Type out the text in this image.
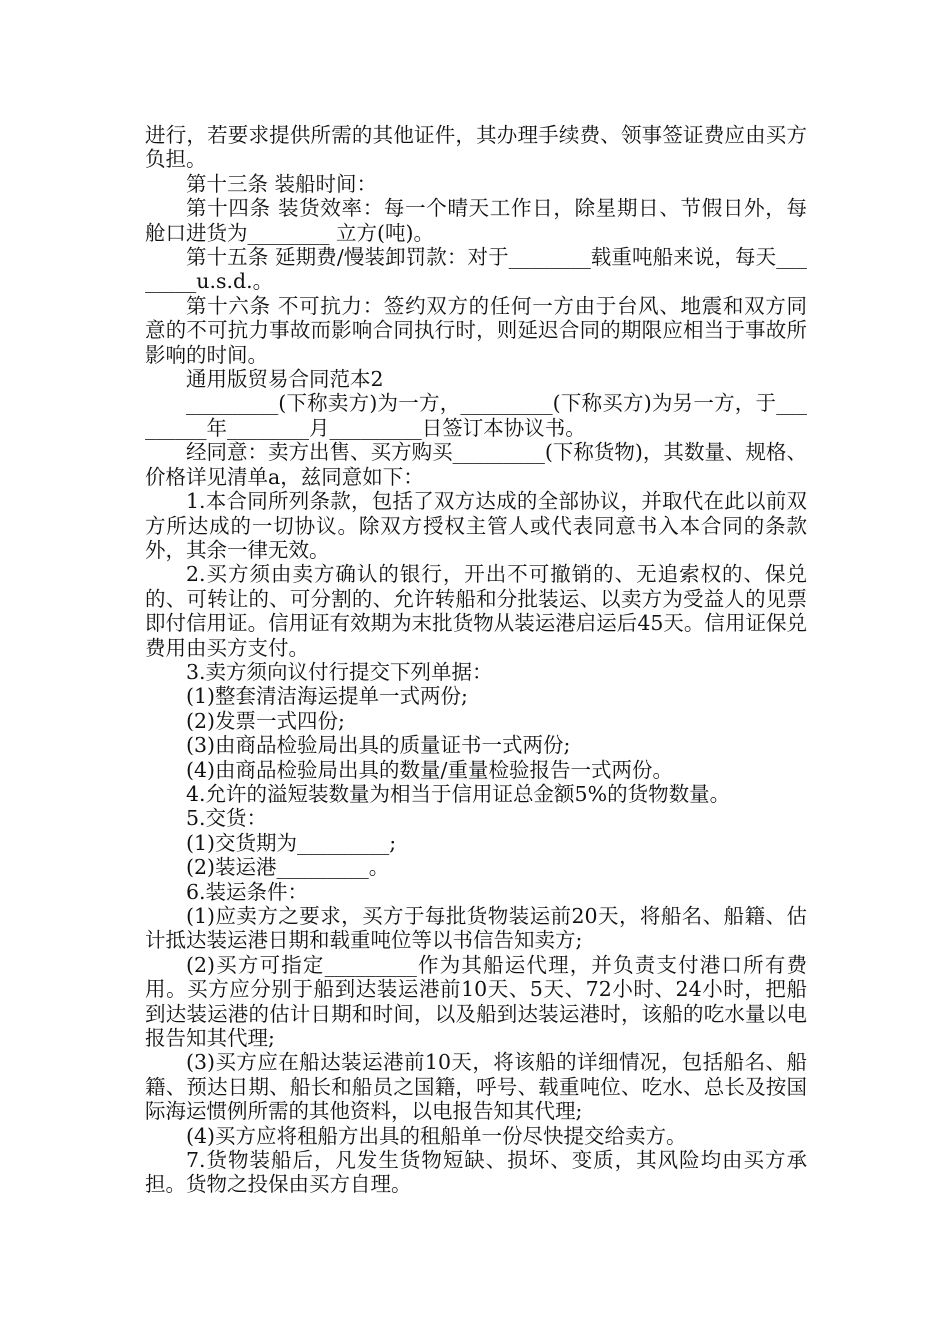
进行，若要求提供所需的其他证件，其办理手续费、领事签证费应由买方负担。

第十三条 装船时间：

第十四条 装货效率：每一个晴天工作日，除星期日、节假日外，每舱口进货为________ 立方(吨)。

第十五条 延期费/慢装卸罚款：对于________载重吨船来说，每天________u.s.d.。

第十六条 不可抗力：签约双方的任何一方由于台风、地震和双方同意的不可抗力事故而影响合同执行时，则延迟合同的期限应相当于事故所影响的时间。

通用版贸易合同范本2

_________(下称卖方)为一方，_________(下称买方)为另一方，于_________年________月_________日签订本协议书。

经同意：卖方出售、买方购买_________(下称货物)，其数量、规格、价格详见清单a，兹同意如下：

1.本合同所列条款，包括了双方达成的全部协议，并取代在此以前双方所达成的一切协议。除双方授权主管人或代表同意书入本合同的条款外，其余一律无效。

2.买方须由卖方确认的银行，开出不可撤销的、无追索权的、保兑的、可转让的、可分割的、允许转船和分批装运、以卖方为受益人的见票即付信用证。信用证有效期为末批货物从装运港启运后45天。信用证保兑费用由买方支付。

3.卖方须向议付行提交下列单据：

(1)整套清洁海运提单一式两份;

(2)发票一式四份;

(3)由商品检验局出具的质量证书一式两份;

(4)由商品检验局出具的数量/重量检验报告一式两份。

4.允许的溢短装数量为相当于信用证总金额5%的货物数量。

5.交货：

(1)交货期为_________;

(2)装运港_________。

6.装运条件：

(1)应卖方之要求，买方于每批货物装运前20天，将船名、船籍、估计抵达装运港日期和载重吨位等以书信告知卖方;

(2)买方可指定_________作为其船运代理，并负责支付港口所有费用。买方应分别于船到达装运港前10天、5天、72小时、24小时，把船到达装运港的估计日期和时间，以及船到达装运港时，该船的吃水量以电报告知其代理;

(3)买方应在船达装运港前10天，将该船的详细情况，包括船名、船籍、预达日期、船长和船员之国籍，呼号、载重吨位、吃水、总长及按国际海运惯例所需的其他资料，以电报告知其代理;

(4)买方应将租船方出具的租船单一份尽快提交给卖方。

7.货物装船后，凡发生货物短缺、损坏、变质，其风险均由买方承担。货物之投保由买方自理。
